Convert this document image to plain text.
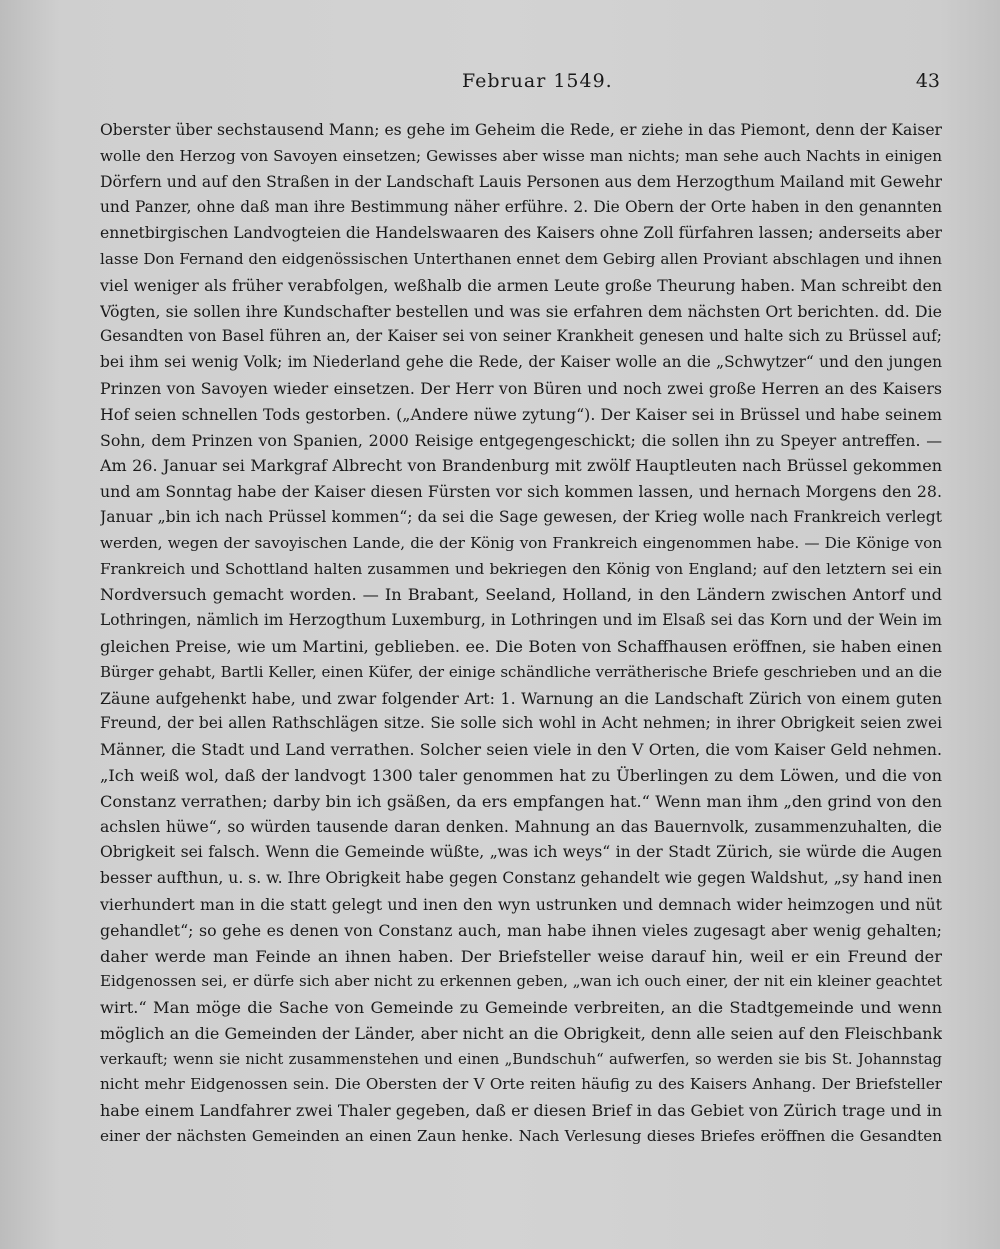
Februar 1549.	43
Oberster über sechstausend Mann; es gehe im Geheim die Rede, er ziehe in das Piemont, denn der Kaiser
wolle den Herzog von Savoyen einsetzen; Gewisses aber wisse man nichts; man sehe auch Nachts in einigen
Dörfern und auf den Straßen in der Landschaft Lauis Personen aus dem Herzogthum Mailand mit Gewehr
und Panzer, ohne daß man ihre Bestimmung näher erführe. 2. Die Obern der Orte haben in den genannten
ennetbirgischen Landvogteien die Handelswaaren des Kaisers ohne Zoll fürfahren lassen; anderseits aber
lasse Don Fernand den eidgenössischen Unterthanen ennet dem Gebirg allen Proviant abschlagen und ihnen
viel weniger als früher verabfolgen, weßhalb die armen Leute große Theurung haben. Man schreibt den
Vögten, sie sollen ihre Kundschafter bestellen und was sie erfahren dem nächsten Ort berichten. dd. Die
Gesandten von Basel führen an, der Kaiser sei von seiner Krankheit genesen und halte sich zu Brüssel auf;
bei ihm sei wenig Volk; im Niederland gehe die Rede, der Kaiser wolle an die „Schwytzer“ und den jungen
Prinzen von Savoyen wieder einsetzen. Der Herr von Büren und noch zwei große Herren an des Kaisers
Hof seien schnellen Tods gestorben. („Andere nüwe zytung“). Der Kaiser sei in Brüssel und habe seinem
Sohn, dem Prinzen von Spanien, 2000 Reisige entgegengeschickt; die sollen ihn zu Speyer antreffen. —
Am 26. Januar sei Markgraf Albrecht von Brandenburg mit zwölf Hauptleuten nach Brüssel gekommen
und am Sonntag habe der Kaiser diesen Fürsten vor sich kommen lassen, und hernach Morgens den 28.
Januar „bin ich nach Prüssel kommen“; da sei die Sage gewesen, der Krieg wolle nach Frankreich verlegt
werden, wegen der savoyischen Lande, die der König von Frankreich eingenommen habe. — Die Könige von
Frankreich und Schottland halten zusammen und bekriegen den König von England; auf den letztern sei ein
Nordversuch gemacht worden. — In Brabant, Seeland, Holland, in den Ländern zwischen Antorf und
Lothringen, nämlich im Herzogthum Luxemburg, in Lothringen und im Elsaß sei das Korn und der Wein im
gleichen Preise, wie um Martini, geblieben. ee. Die Boten von Schaffhausen eröffnen, sie haben einen
Bürger gehabt, Bartli Keller, einen Küfer, der einige schändliche verrätherische Briefe geschrieben und an die
Zäune aufgehenkt habe, und zwar folgender Art: 1. Warnung an die Landschaft Zürich von einem guten
Freund, der bei allen Rathschlägen sitze. Sie solle sich wohl in Acht nehmen; in ihrer Obrigkeit seien zwei
Männer, die Stadt und Land verrathen. Solcher seien viele in den V Orten, die vom Kaiser Geld nehmen.
„Ich weiß wol, daß der landvogt 1300 taler genommen hat zu Überlingen zu dem Löwen, und die von
Constanz verrathen; darby bin ich gsäßen, da ers empfangen hat.“ Wenn man ihm „den grind von den
achslen hüwe“, so würden tausende daran denken. Mahnung an das Bauernvolk, zusammenzuhalten, die
Obrigkeit sei falsch. Wenn die Gemeinde wüßte, „was ich weys“ in der Stadt Zürich, sie würde die Augen
besser aufthun, u. s. w. Ihre Obrigkeit habe gegen Constanz gehandelt wie gegen Waldshut, „sy hand inen
vierhundert man in die statt gelegt und inen den wyn ustrunken und demnach wider heimzogen und nüt
gehandlet“; so gehe es denen von Constanz auch, man habe ihnen vieles zugesagt aber wenig gehalten;
daher werde man Feinde an ihnen haben. Der Briefsteller weise darauf hin, weil er ein Freund der
Eidgenossen sei, er dürfe sich aber nicht zu erkennen geben, „wan ich ouch einer, der nit ein kleiner geachtet
wirt.“ Man möge die Sache von Gemeinde zu Gemeinde verbreiten, an die Stadtgemeinde und wenn
möglich an die Gemeinden der Länder, aber nicht an die Obrigkeit, denn alle seien auf den Fleischbank
verkauft; wenn sie nicht zusammenstehen und einen „Bundschuh“ aufwerfen, so werden sie bis St. Johannstag
nicht mehr Eidgenossen sein. Die Obersten der V Orte reiten häufig zu des Kaisers Anhang. Der Briefsteller
habe einem Landfahrer zwei Thaler gegeben, daß er diesen Brief in das Gebiet von Zürich trage und in
einer der nächsten Gemeinden an einen Zaun henke. Nach Verlesung dieses Briefes eröffnen die Gesandten
